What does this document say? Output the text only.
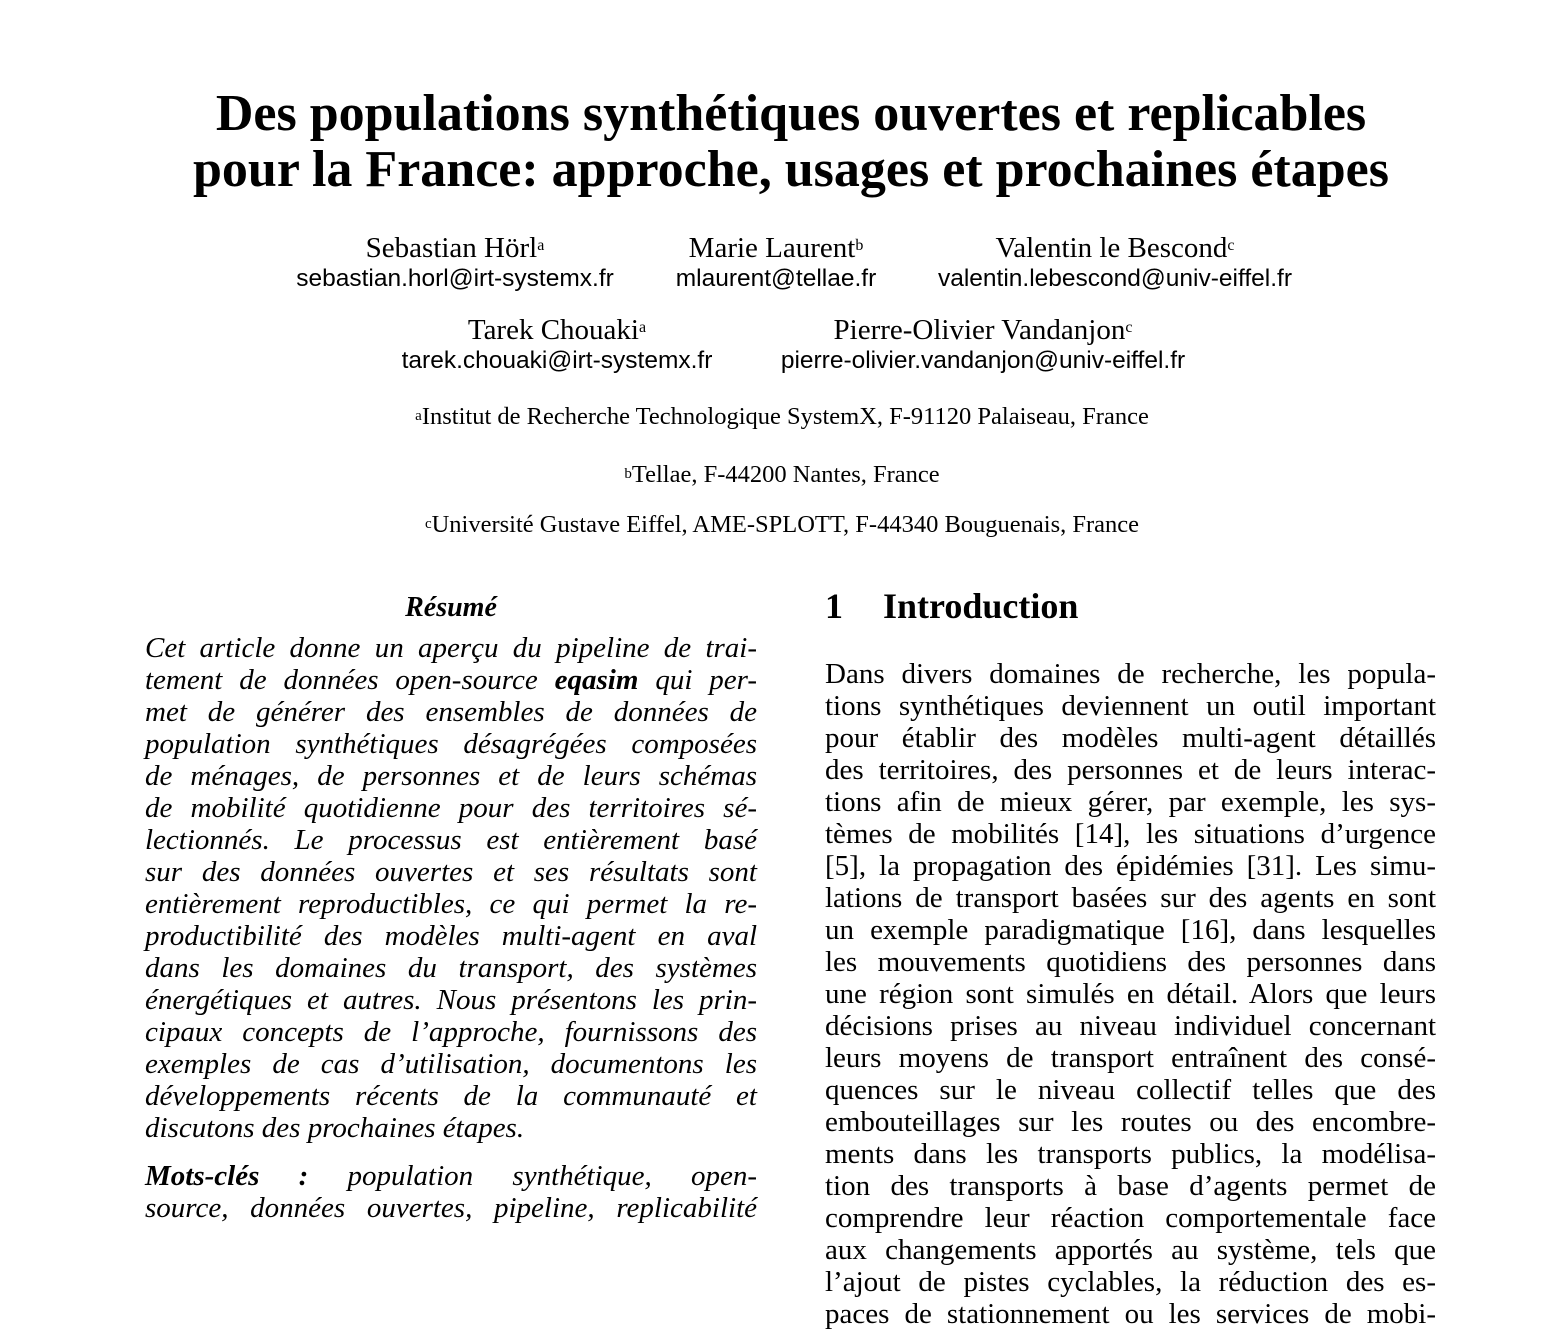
Des populations synthétiques ouvertes et replicables
pour la France: approche, usages et prochaines étapes
Sebastian Hörl$^a$
sebastian.horl@irt-systemx.fr
Marie Laurent$^b$
mlaurent@tellae.fr
Valentin le Bescond$^c$
valentin.lebescond@univ-eiffel.fr
Tarek Chouaki$^a$
tarek.chouaki@irt-systemx.fr
Pierre-Olivier Vandanjon$^c$
pierre-olivier.vandanjon@univ-eiffel.fr
$^a$Institut de Recherche Technologique SystemX, F-91120 Palaiseau, France
$^b$Tellae, F-44200 Nantes, France
$^c$Université Gustave Eiffel, AME-SPLOTT, F-44340 Bouguenais, France
Résumé
Cet article donne un aperçu du pipeline de trai-
tement de données open-source eqasim qui per-
met de générer des ensembles de données de
population synthétiques désagrégées composées
de ménages, de personnes et de leurs schémas
de mobilité quotidienne pour des territoires sé-
lectionnés. Le processus est entièrement basé
sur des données ouvertes et ses résultats sont
entièrement reproductibles, ce qui permet la re-
productibilité des modèles multi-agent en aval
dans les domaines du transport, des systèmes
énergétiques et autres. Nous présentons les prin-
cipaux concepts de l’approche, fournissons des
exemples de cas d’utilisation, documentons les
développements récents de la communauté et
discutons des prochaines étapes.
Mots-clés : population synthétique, open-
source, données ouvertes, pipeline, replicabilité
1 Introduction
Dans divers domaines de recherche, les popula-
tions synthétiques deviennent un outil important
pour établir des modèles multi-agent détaillés
des territoires, des personnes et de leurs interac-
tions afin de mieux gérer, par exemple, les sys-
tèmes de mobilités [14], les situations d’urgence
[5], la propagation des épidémies [31]. Les simu-
lations de transport basées sur des agents en sont
un exemple paradigmatique [16], dans lesquelles
les mouvements quotidiens des personnes dans
une région sont simulés en détail. Alors que leurs
décisions prises au niveau individuel concernant
leurs moyens de transport entraînent des consé-
quences sur le niveau collectif telles que des
embouteillages sur les routes ou des encombre-
ments dans les transports publics, la modélisa-
tion des transports à base d’agents permet de
comprendre leur réaction comportementale face
aux changements apportés au système, tels que
l’ajout de pistes cyclables, la réduction des es-
paces de stationnement ou les services de mobi-
